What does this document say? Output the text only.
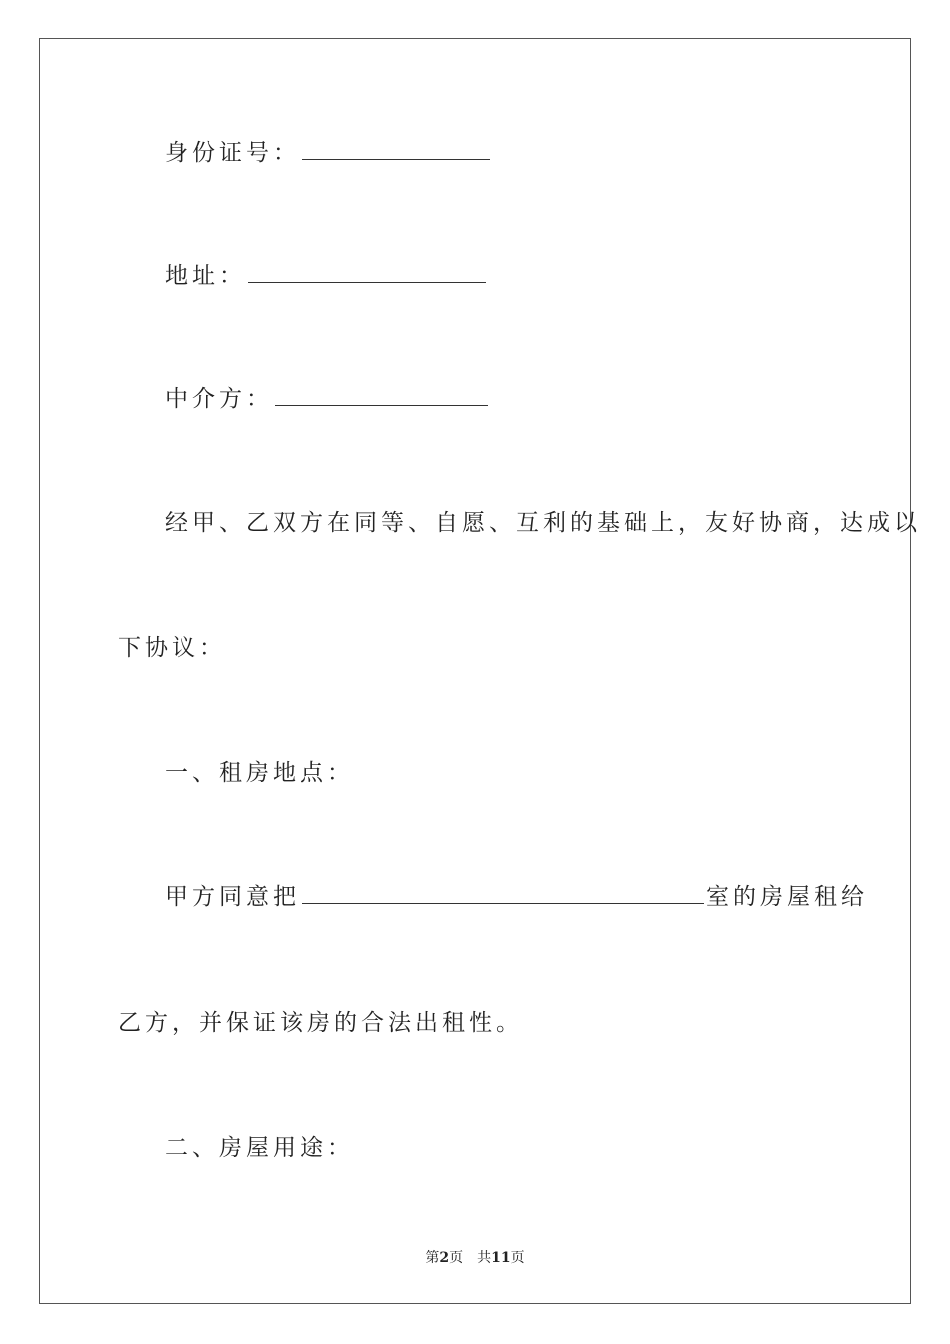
身份证号：
地址：
中介方：
经甲、乙双方在同等、自愿、互利的基础上，友好协商，达成以
下协议：
一、租房地点：
甲方同意把	室的房屋租给
乙方，并保证该房的合法出租性。
二、房屋用途：
第2页 共11页
